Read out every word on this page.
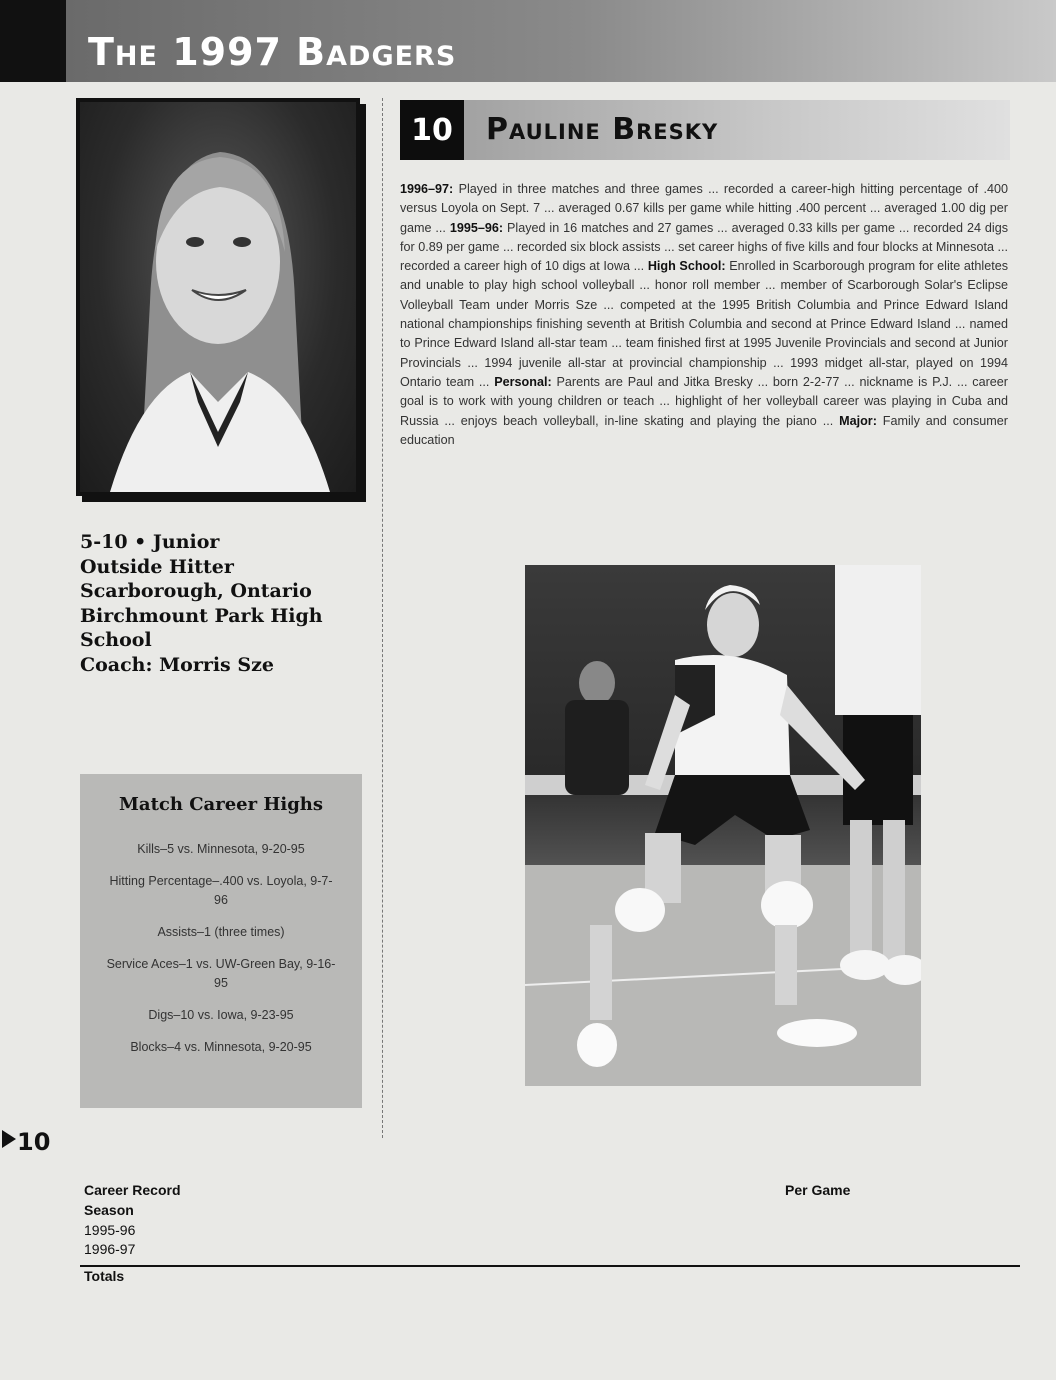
The 1997 Badgers
10	Pauline Bresky
1996–97: Played in three matches and three games ... recorded a career-high hitting percentage of .400 versus Loyola on Sept. 7 ... averaged 0.67 kills per game while hitting .400 percent ... averaged 1.00 dig per game ... 1995–96: Played in 16 matches and 27 games ... averaged 0.33 kills per game ... recorded 24 digs for 0.89 per game ... recorded six block assists ... set career highs of five kills and four blocks at Minnesota ... recorded a career high of 10 digs at Iowa ... High School: Enrolled in Scarborough program for elite athletes and unable to play high school volleyball ... honor roll member ... member of Scarborough Solar's Eclipse Volleyball Team under Morris Sze ... competed at the 1995 British Columbia and Prince Edward Island national championships finishing seventh at British Columbia and second at Prince Edward Island ... named to Prince Edward Island all-star team ... team finished first at 1995 Juvenile Provincials and second at Junior Provincials ... 1994 juvenile all-star at provincial championship ... 1993 midget all-star, played on 1994 Ontario team ... Personal: Parents are Paul and Jitka Bresky ... born 2-2-77 ... nickname is P.J. ... career goal is to work with young children or teach ... highlight of her volleyball career was playing in Cuba and Russia ... enjoys beach volleyball, in-line skating and playing the piano ... Major: Family and consumer education
5-10 • Junior
Outside Hitter
Scarborough, Ontario
Birchmount Park High
School
Coach: Morris Sze
Match Career Highs
Kills–5 vs. Minnesota, 9-20-95
Hitting Percentage–.400 vs. Loyola, 9-7-96
Assists–1 (three times)
Service Aces–1 vs. UW-Green Bay, 9-16-95
Digs–10 vs. Iowa, 9-23-95
Blocks–4 vs. Minnesota, 9-20-95
10
Career Record	Per Game
Season
1995-96
1996-97
Totals
